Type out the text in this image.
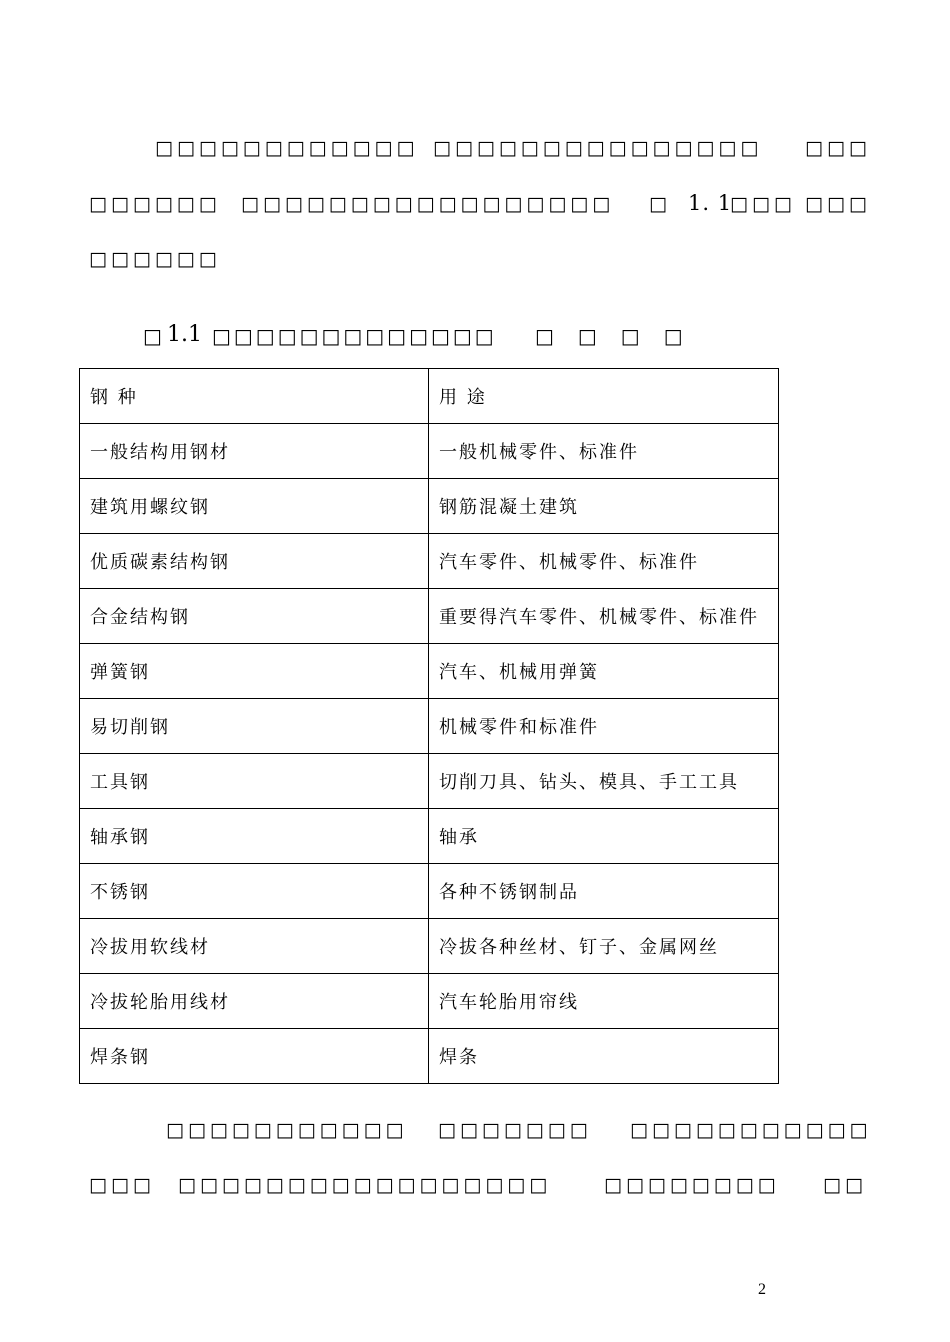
□□□□□□□□□□□□ □□□□□□□□□□□□□□□ □□□
□□□□□□ □□□□□□□□□□□□□□□□□ □ 1. 1
□□□ □□□
□□□□□□
□ 1.1 □□□□□□□□□□□□□ □□□□
钢 种	用 途
一般结构用钢材	一般机械零件、标准件
建筑用螺纹钢	钢筋混凝土建筑
优质碳素结构钢	汽车零件、机械零件、标准件
合金结构钢	重要得汽车零件、机械零件、标准件
弹簧钢	汽车、机械用弹簧
易切削钢	机械零件和标准件
工具钢	切削刀具、钻头、模具、手工工具
轴承钢	轴承
不锈钢	各种不锈钢制品
冷拔用软线材	冷拔各种丝材、钉子、金属网丝
冷拔轮胎用线材	汽车轮胎用帘线
焊条钢	焊条
□□□□□□□□□□□ □□□□□□□ □□□□□□□□□□□
□□□ □□□□□□□□□□□□□□□□□	□□□□□□□□ □□
2
